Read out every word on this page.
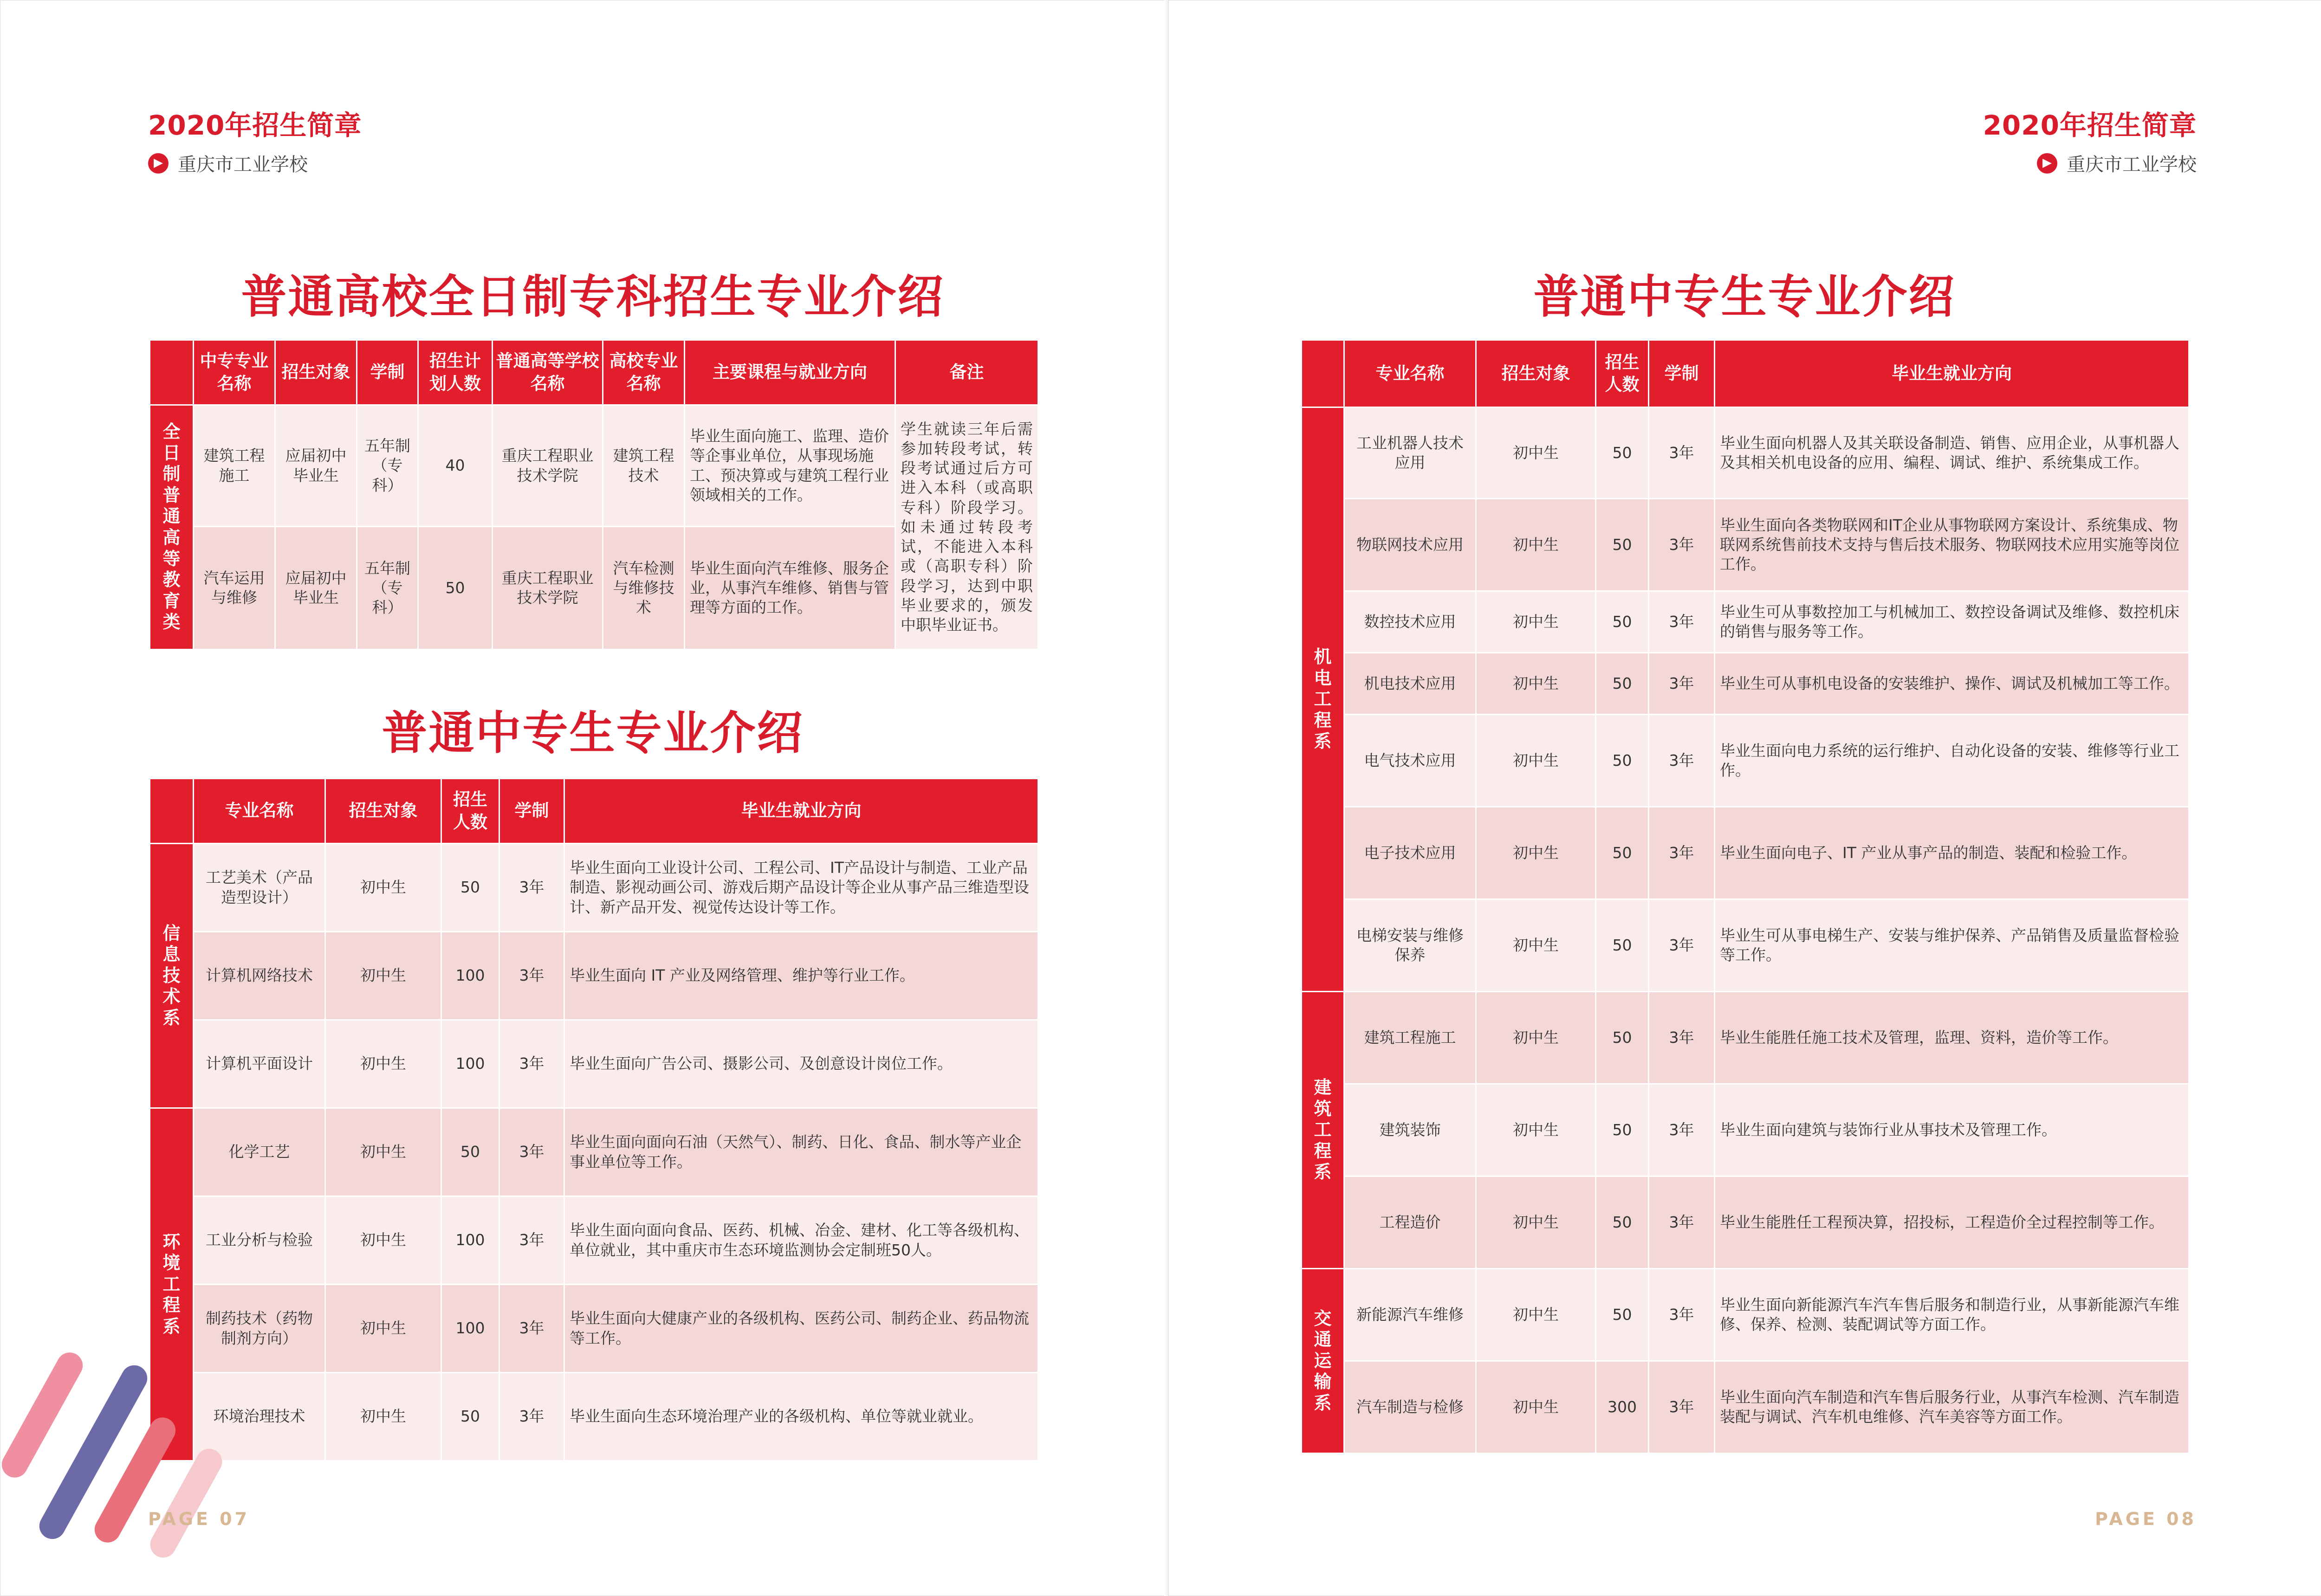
2020年招生简章
重庆市工业学校
普通高校全日制专科招生专业介绍
	中专专业名称	招生对象	学制	招生计划人数	普通高等学校名称	高校专业名称	主要课程与就业方向	备注
全日制普通高等教育类	建筑工程施工	应届初中毕业生	五年制（专科）	40	重庆工程职业技术学院	建筑工程技术	毕业生面向施工、监理、造价等企事业单位，从事现场施工、预决算或与建筑工程行业领域相关的工作。	学生就读三年后需参加转段考试，转段考试通过后方可进入本科（或高职专科）阶段学习。如未通过转段考试，不能进入本科或（高职专科）阶段学习，达到中职毕业要求的，颁发中职毕业证书。
	汽车运用与维修	应届初中毕业生	五年制（专科）	50	重庆工程职业技术学院	汽车检测与维修技术	毕业生面向汽车维修、服务企业，从事汽车维修、销售与管理等方面的工作。	
普通中专生专业介绍
	专业名称	招生对象	招生人数	学制	毕业生就业方向
信息技术系	工艺美术（产品造型设计）	初中生	50	3年	毕业生面向工业设计公司、工程公司、IT产品设计与制造、工业产品制造、影视动画公司、游戏后期产品设计等企业从事产品三维造型设计、新产品开发、视觉传达设计等工作。
	计算机网络技术	初中生	100	3年	毕业生面向 IT 产业及网络管理、维护等行业工作。
	计算机平面设计	初中生	100	3年	毕业生面向广告公司、摄影公司、及创意设计岗位工作。
环境工程系	化学工艺	初中生	50	3年	毕业生面向面向石油（天然气）、制药、日化、食品、制水等产业企事业单位等工作。
	工业分析与检验	初中生	100	3年	毕业生面向面向食品、医药、机械、冶金、建材、化工等各级机构、单位就业，其中重庆市生态环境监测协会定制班50人。
	制药技术（药物制剂方向）	初中生	100	3年	毕业生面向大健康产业的各级机构、医药公司、制药企业、药品物流等工作。
	环境治理技术	初中生	50	3年	毕业生面向生态环境治理产业的各级机构、单位等就业就业。
PAGE 07
2020年招生简章
重庆市工业学校
普通中专生专业介绍
	专业名称	招生对象	招生人数	学制	毕业生就业方向
机电工程系	工业机器人技术应用	初中生	50	3年	毕业生面向机器人及其关联设备制造、销售、应用企业，从事机器人及其相关机电设备的应用、编程、调试、维护、系统集成工作。
	物联网技术应用	初中生	50	3年	毕业生面向各类物联网和IT企业从事物联网方案设计、系统集成、物联网系统售前技术支持与售后技术服务、物联网技术应用实施等岗位工作。
	数控技术应用	初中生	50	3年	毕业生可从事数控加工与机械加工、数控设备调试及维修、数控机床的销售与服务等工作。
	机电技术应用	初中生	50	3年	毕业生可从事机电设备的安装维护、操作、调试及机械加工等工作。
	电气技术应用	初中生	50	3年	毕业生面向电力系统的运行维护、自动化设备的安装、维修等行业工作。
	电子技术应用	初中生	50	3年	毕业生面向电子、IT 产业从事产品的制造、装配和检验工作。
	电梯安装与维修保养	初中生	50	3年	毕业生可从事电梯生产、安装与维护保养、产品销售及质量监督检验等工作。
建筑工程系	建筑工程施工	初中生	50	3年	毕业生能胜任施工技术及管理，监理、资料，造价等工作。
	建筑装饰	初中生	50	3年	毕业生面向建筑与装饰行业从事技术及管理工作。
	工程造价	初中生	50	3年	毕业生能胜任工程预决算，招投标，工程造价全过程控制等工作。
交通运输系	新能源汽车维修	初中生	50	3年	毕业生面向新能源汽车汽车售后服务和制造行业，从事新能源汽车维修、保养、检测、装配调试等方面工作。
	汽车制造与检修	初中生	300	3年	毕业生面向汽车制造和汽车售后服务行业，从事汽车检测、汽车制造装配与调试、汽车机电维修、汽车美容等方面工作。
PAGE 08
